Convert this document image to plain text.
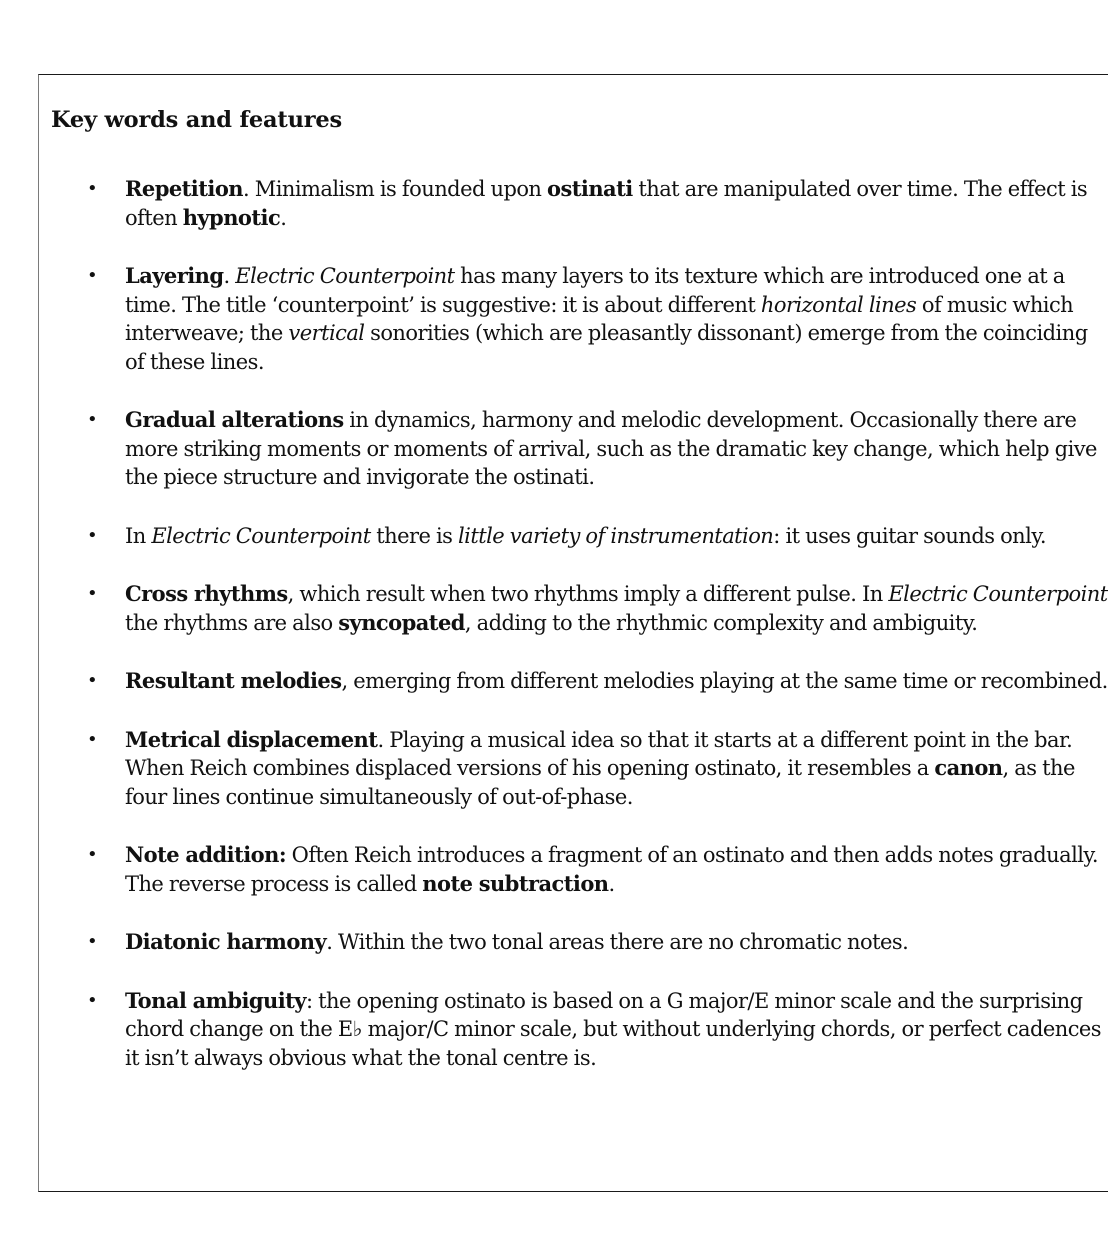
Key words and features
• Repetition. Minimalism is founded upon ostinati that are manipulated over time. The effect is often hypnotic.
• Layering. Electric Counterpoint has many layers to its texture which are introduced one at a time. The title ‘counterpoint’ is suggestive: it is about different horizontal lines of music which interweave; the vertical sonorities (which are pleasantly dissonant) emerge from the coinciding of these lines.
• Gradual alterations in dynamics, harmony and melodic development. Occasionally there are more striking moments or moments of arrival, such as the dramatic key change, which help give the piece structure and invigorate the ostinati.
• In Electric Counterpoint there is little variety of instrumentation: it uses guitar sounds only.
• Cross rhythms, which result when two rhythms imply a different pulse. In Electric Counterpoint the rhythms are also syncopated, adding to the rhythmic complexity and ambiguity.
• Resultant melodies, emerging from different melodies playing at the same time or recombined.
• Metrical displacement. Playing a musical idea so that it starts at a different point in the bar. When Reich combines displaced versions of his opening ostinato, it resembles a canon, as the four lines continue simultaneously of out-of-phase.
• Note addition: Often Reich introduces a fragment of an ostinato and then adds notes gradually. The reverse process is called note subtraction.
• Diatonic harmony. Within the two tonal areas there are no chromatic notes.
• Tonal ambiguity: the opening ostinato is based on a G major/E minor scale and the surprising chord change on the E♭ major/C minor scale, but without underlying chords, or perfect cadences it isn’t always obvious what the tonal centre is.
